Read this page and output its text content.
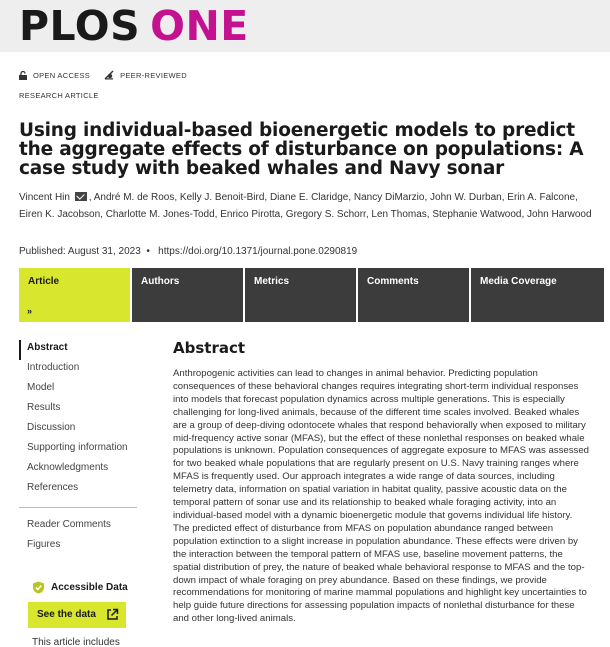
PLOS ONE
OPEN ACCESS	PEER-REVIEWED
RESEARCH ARTICLE
Using individual-based bioenergetic models to predict the aggregate effects of disturbance on populations: A case study with beaked whales and Navy sonar
Vincent Hin , André M. de Roos, Kelly J. Benoit-Bird, Diane E. Claridge, Nancy DiMarzio, John W. Durban, Erin A. Falcone, Eiren K. Jacobson, Charlotte M. Jones-Todd, Enrico Pirotta, Gregory S. Schorr, Len Thomas, Stephanie Watwood, John Harwood
Published: August 31, 2023  •   https://doi.org/10.1371/journal.pone.0290819
Article
»
Authors	Metrics	Comments	Media Coverage
Abstract
Introduction
Model
Results
Discussion
Supporting information
Acknowledgments
References
Reader Comments
Figures
Accessible Data
See the data
This article includes
Abstract

Anthropogenic activities can lead to changes in animal behavior. Predicting population consequences of these behavioral changes requires integrating short-term individual responses into models that forecast population dynamics across multiple generations. This is especially challenging for long-lived animals, because of the different time scales involved. Beaked whales are a group of deep-diving odontocete whales that respond behaviorally when exposed to military mid-frequency active sonar (MFAS), but the effect of these nonlethal responses on beaked whale populations is unknown. Population consequences of aggregate exposure to MFAS was assessed for two beaked whale populations that are regularly present on U.S. Navy training ranges where MFAS is frequently used. Our approach integrates a wide range of data sources, including telemetry data, information on spatial variation in habitat quality, passive acoustic data on the temporal pattern of sonar use and its relationship to beaked whale foraging activity, into an individual-based model with a dynamic bioenergetic module that governs individual life history. The predicted effect of disturbance from MFAS on population abundance ranged between population extinction to a slight increase in population abundance. These effects were driven by the interaction between the temporal pattern of MFAS use, baseline movement patterns, the spatial distribution of prey, the nature of beaked whale behavioral response to MFAS and the top-down impact of whale foraging on prey abundance. Based on these findings, we provide recommendations for monitoring of marine mammal populations and highlight key uncertainties to help guide future directions for assessing population impacts of nonlethal disturbance for these and other long-lived animals.
